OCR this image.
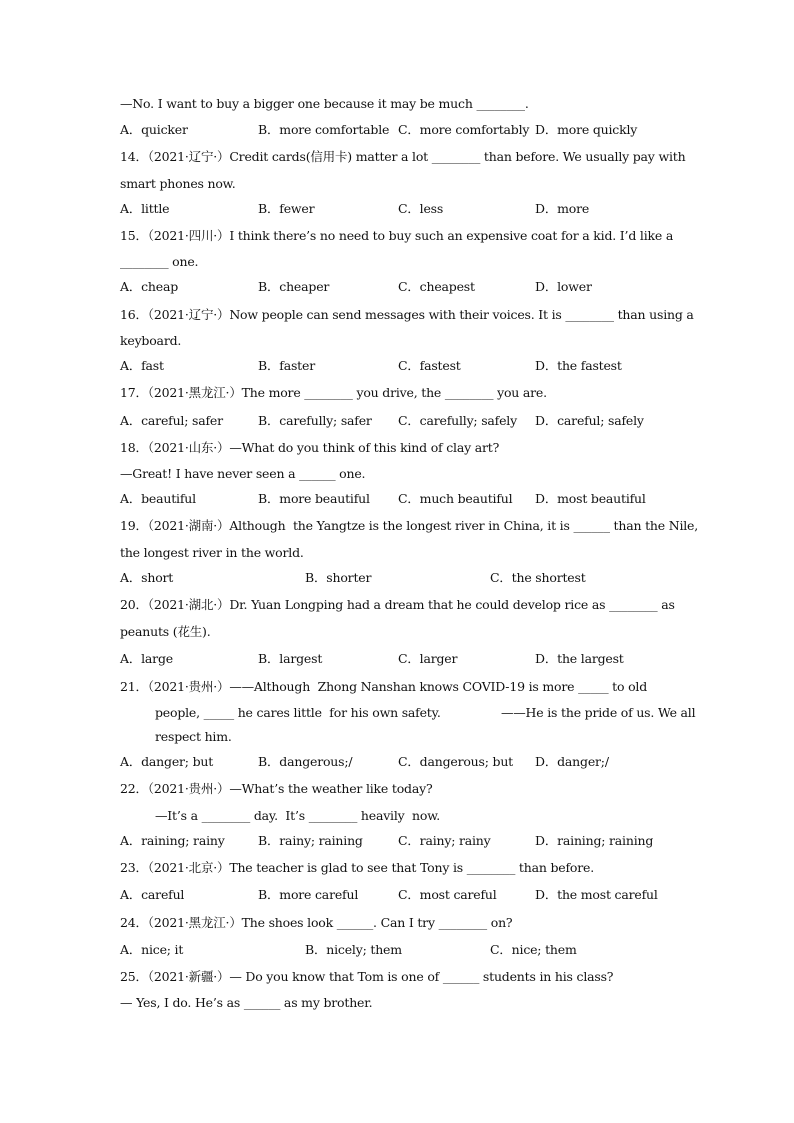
—No. I want to buy a bigger one because it may be much ________.
A．quicker	B．more comfortable C．more comfortably D．more quickly
14．（2021·辽宁·）Credit cards(信用卡) matter a lot ________ than before. We usually pay with
smart phones now.
A．little	B．fewer	C．less	D．more
15．（2021·四川·）I think there’s no need to buy such an expensive coat for a kid. I’d like a
________ one.
A．cheap	B．cheaper	C．cheapest	D．lower
16．（2021·辽宁·）Now people can send messages with their voices. It is ________ than using a
keyboard.
A．fast	B．faster	C．fastest	D．the fastest
17．（2021·黑龙江·）The more ________ you drive, the ________ you are.
A．careful; safer	B．carefully; safer C．carefully; safely D．careful; safely
18．（2021·山东·）—What do you think of this kind of clay art?
—Great! I have never seen a ______ one.
A．beautiful	B．more beautiful C．much beautiful D．most beautiful
19．（2021·湖南·）Although  the Yangtze is the longest river in China, it is ______ than the Nile,
the longest river in the world.
A．short	B．shorter	C．the shortest
20．（2021·湖北·）Dr. Yuan Longping had a dream that he could develop rice as ________ as
peanuts (花生).
A．large	B．largest	C．larger	D．the largest
21．（2021·贵州·）——Although  Zhong Nanshan knows COVID-19 is more _____ to old
people, _____ he cares little  for his own safety.                ——He is the pride of us. We all
respect him.
A．danger; but	B．dangerous;/	C．dangerous; but D．danger;/
22．（2021·贵州·）—What’s the weather like today?
—It’s a ________ day.  It’s ________ heavily  now.
A．raining; rainy	B．rainy; raining	C．rainy; rainy	D．raining; raining
23．（2021·北京·）The teacher is glad to see that Tony is ________ than before.
A．careful	B．more careful	C．most careful	D．the most careful
24．（2021·黑龙江·）The shoes look ______. Can I try ________ on?
A．nice; it	B．nicely; them	C．nice; them
25．（2021·新疆·）— Do you know that Tom is one of ______ students in his class?
— Yes, I do. He’s as ______ as my brother.
